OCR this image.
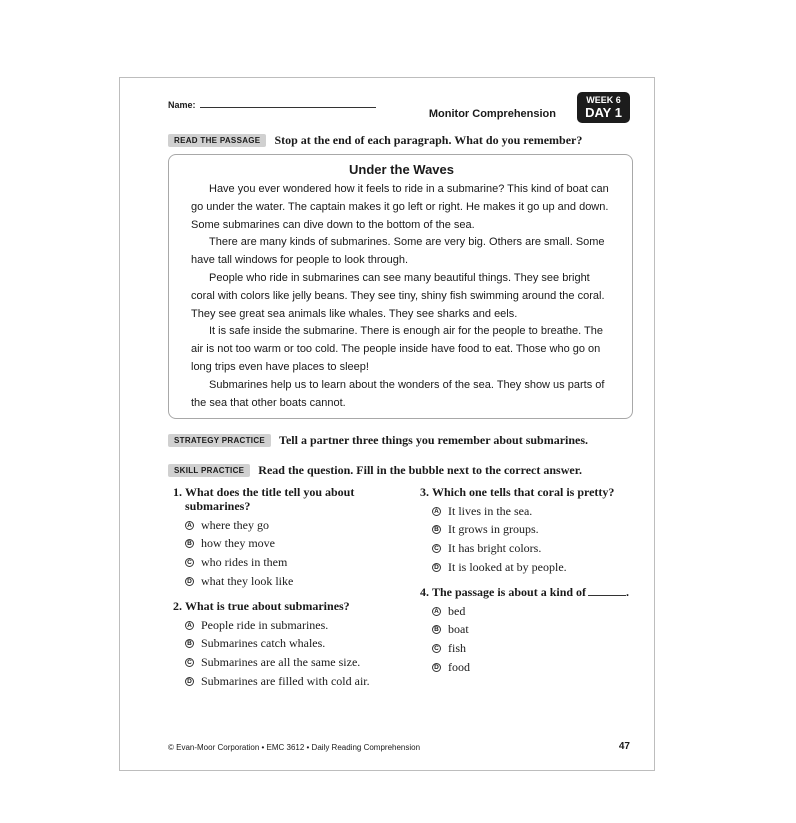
Name:
Monitor Comprehension
WEEK 6
DAY 1
READ THE PASSAGE	Stop at the end of each paragraph. What do you remember?
Under the Waves

Have you ever wondered how it feels to ride in a submarine? This kind of boat can go under the water. The captain makes it go left or right. He makes it go up and down. Some submarines can dive down to the bottom of the sea.

There are many kinds of submarines. Some are very big. Others are small. Some have tall windows for people to look through.

People who ride in submarines can see many beautiful things. They see bright coral with colors like jelly beans. They see tiny, shiny fish swimming around the coral. They see great sea animals like whales. They see sharks and eels.

It is safe inside the submarine. There is enough air for the people to breathe. The air is not too warm or too cold. The people inside have food to eat. Those who go on long trips even have places to sleep!

Submarines help us to learn about the wonders of the sea. They show us parts of the sea that other boats cannot.

STRATEGY PRACTICE	Tell a partner three things you remember about submarines.
SKILL PRACTICE	Read the question. Fill in the bubble next to the correct answer.
1. What does the title tell you about submarines?
A where they go
B how they move
C who rides in them
D what they look like
2. What is true about submarines?
A People ride in submarines.
B Submarines catch whales.
C Submarines are all the same size.
D Submarines are filled with cold air.
3. Which one tells that coral is pretty?
A It lives in the sea.
B It grows in groups.
C It has bright colors.
D It is looked at by people.
4. The passage is about a kind of	.
A bed
B boat
C fish
D food
© Evan-Moor Corporation • EMC 3612 • Daily Reading Comprehension	47
